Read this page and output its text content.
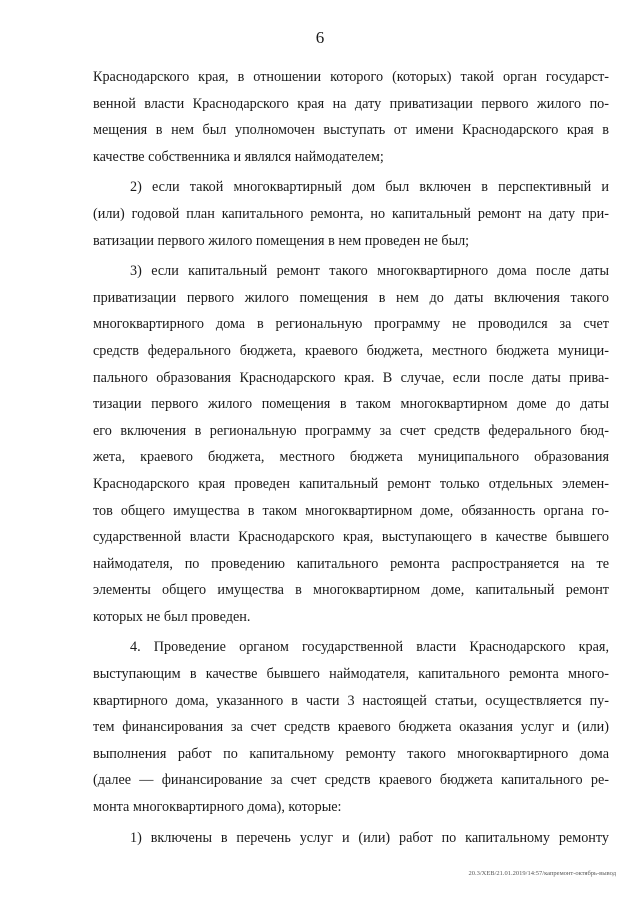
6
Краснодарского края, в отношении которого (которых) такой орган государст-
венной власти Краснодарского края на дату приватизации первого жилого по-
мещения в нем был уполномочен выступать от имени Краснодарского края в
качестве собственника и являлся наймодателем;
2) если такой многоквартирный дом был включен в перспективный и
(или) годовой план капитального ремонта, но капитальный ремонт на дату при-
ватизации первого жилого помещения в нем проведен не был;
3) если капитальный ремонт такого многоквартирного дома после даты
приватизации первого жилого помещения в нем до даты включения такого
многоквартирного дома в региональную программу не проводился за счет
средств федерального бюджета, краевого бюджета, местного бюджета муници-
пального образования Краснодарского края. В случае, если после даты прива-
тизации первого жилого помещения в таком многоквартирном доме до даты
его включения в региональную программу за счет средств федерального бюд-
жета, краевого бюджета, местного бюджета муниципального образования
Краснодарского края проведен капитальный ремонт только отдельных элемен-
тов общего имущества в таком многоквартирном доме, обязанность органа го-
сударственной власти Краснодарского края, выступающего в качестве бывшего
наймодателя, по проведению капитального ремонта распространяется на те
элементы общего имущества в многоквартирном доме, капитальный ремонт
которых не был проведен.
4. Проведение органом государственной власти Краснодарского края,
выступающим в качестве бывшего наймодателя, капитального ремонта много-
квартирного дома, указанного в части 3 настоящей статьи, осуществляется пу-
тем финансирования за счет средств краевого бюджета оказания услуг и (или)
выполнения работ по капитальному ремонту такого многоквартирного дома
(далее — финансирование за счет средств краевого бюджета капитального ре-
монта многоквартирного дома), которые:
1) включены в перечень услуг и (или) работ по капитальному ремонту
20.3/ХЕВ/21.01.2019/14:57/капремонт-октябрь-вывод
